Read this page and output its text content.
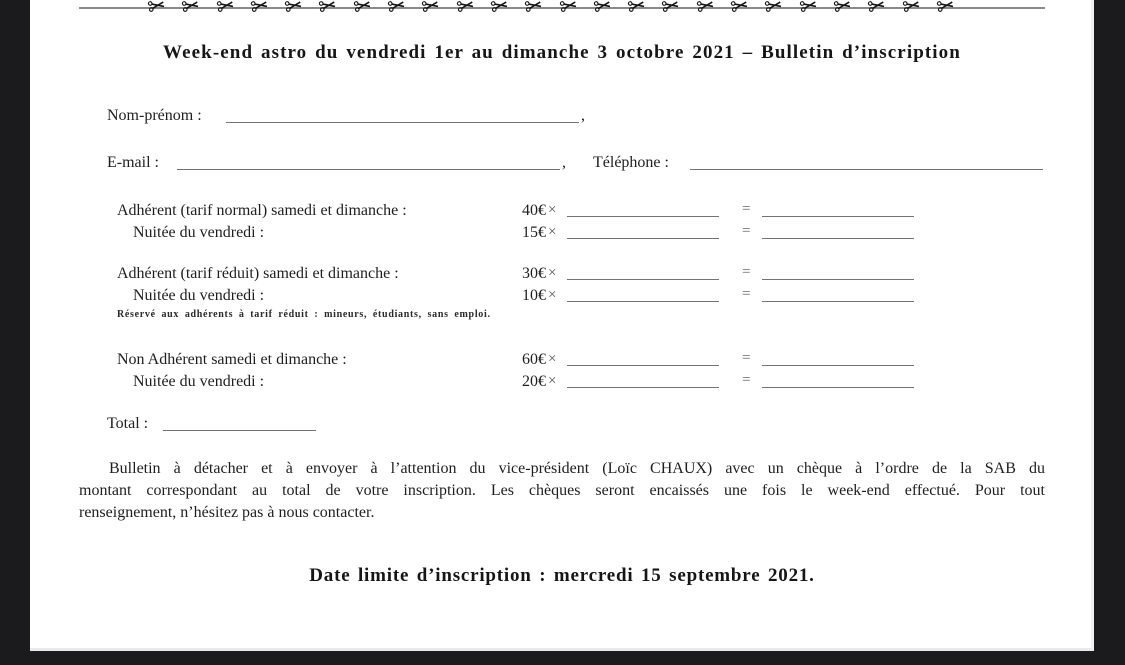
Week-end astro du vendredi 1er au dimanche 3 octobre 2021 – Bulletin d’inscription
Nom-prénom :	,
E-mail :	, Téléphone :
Adhérent (tarif normal) samedi et dimanche :	40€ ×	=
Nuitée du vendredi :	15€ ×	=
Adhérent (tarif réduit) samedi et dimanche :	30€ ×	=
Nuitée du vendredi :	10€ ×	=
Réservé aux adhérents à tarif réduit : mineurs, étudiants, sans emploi.
Non Adhérent samedi et dimanche :	60€ ×	=
Nuitée du vendredi :	20€ ×	=
Total :
Bulletin à détacher et à envoyer à l’attention du vice-président (Loïc CHAUX) avec un chèque à l’ordre de la SAB du
montant correspondant au total de votre inscription. Les chèques seront encaissés une fois le week-end effectué. Pour tout
renseignement, n’hésitez pas à nous contacter.
Date limite d’inscription : mercredi 15 septembre 2021.
